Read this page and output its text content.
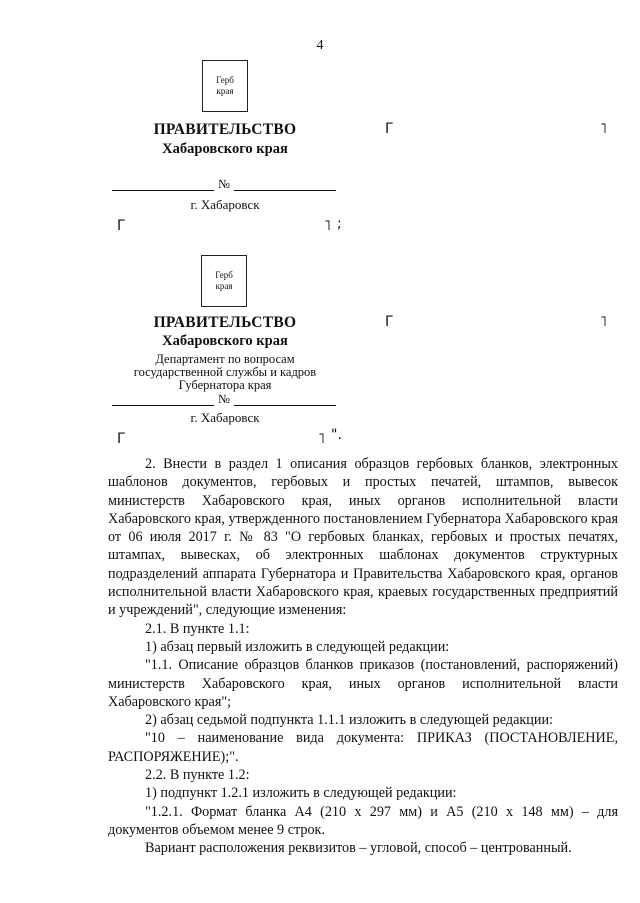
4
Герб
края
ПРАВИТЕЛЬСТВО
Хабаровского края
№
г. Хабаровск
Г	˥
Г	˥ ;
Герб
края
ПРАВИТЕЛЬСТВО
Хабаровского края
Департамент по вопросам
государственной службы и кадров
Губернатора края
№
г. Хабаровск
Г	˥
Г	˥ ".

2. Внести в раздел 1 описания образцов гербовых бланков, электронных шаблонов документов, гербовых и простых печатей, штампов, вывесок министерств Хабаровского края, иных органов исполнительной власти Хабаровского края, утвержденного постановлением Губернатора Хабаровского края от 06 июля 2017 г. № 83 "О гербовых бланках, гербовых и простых печатях, штампах, вывесках, об электронных шаблонах документов структурных подразделений аппарата Губернатора и Правительства Хабаровского края, органов исполнительной власти Хабаровского края, краевых государственных предприятий и учреждений", следующие изменения:

2.1. В пункте 1.1:

1) абзац первый изложить в следующей редакции:

"1.1. Описание образцов бланков приказов (постановлений, распоряжений) министерств Хабаровского края, иных органов исполнительной власти Хабаровского края";

2) абзац седьмой подпункта 1.1.1 изложить в следующей редакции:

"10 – наименование вида документа: ПРИКАЗ (ПОСТАНОВЛЕНИЕ, РАСПОРЯЖЕНИЕ);".

2.2. В пункте 1.2:

1) подпункт 1.2.1 изложить в следующей редакции:

"1.2.1. Формат бланка А4 (210 х 297 мм) и А5 (210 х 148 мм) – для документов объемом менее 9 строк.

Вариант расположения реквизитов – угловой, способ – центрованный.
